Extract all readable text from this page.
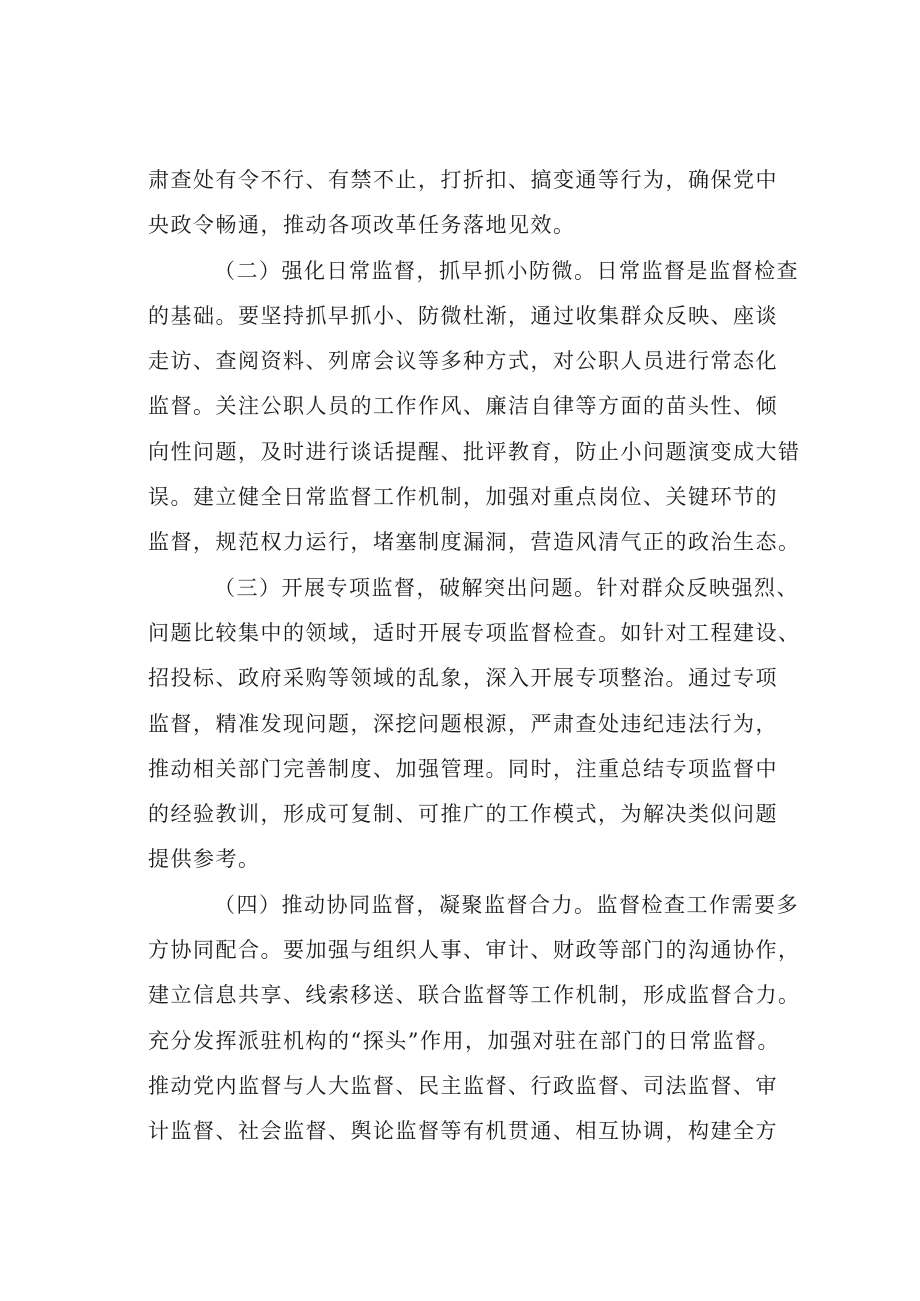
肃查处有令不行、有禁不止，打折扣、搞变通等行为，确保党中
央政令畅通，推动各项改革任务落地见效。
（二）强化日常监督，抓早抓小防微。日常监督是监督检查
的基础。要坚持抓早抓小、防微杜渐，通过收集群众反映、座谈
走访、查阅资料、列席会议等多种方式，对公职人员进行常态化
监督。关注公职人员的工作作风、廉洁自律等方面的苗头性、倾
向性问题，及时进行谈话提醒、批评教育，防止小问题演变成大错
误。建立健全日常监督工作机制，加强对重点岗位、关键环节的
监督，规范权力运行，堵塞制度漏洞，营造风清气正的政治生态。
（三）开展专项监督，破解突出问题。针对群众反映强烈、
问题比较集中的领域，适时开展专项监督检查。如针对工程建设、
招投标、政府采购等领域的乱象，深入开展专项整治。通过专项
监督，精准发现问题，深挖问题根源，严肃查处违纪违法行为，
推动相关部门完善制度、加强管理。同时，注重总结专项监督中
的经验教训，形成可复制、可推广的工作模式，为解决类似问题
提供参考。
（四）推动协同监督，凝聚监督合力。监督检查工作需要多
方协同配合。要加强与组织人事、审计、财政等部门的沟通协作，
建立信息共享、线索移送、联合监督等工作机制，形成监督合力。
充分发挥派驻机构的“探头”作用，加强对驻在部门的日常监督。
推动党内监督与人大监督、民主监督、行政监督、司法监督、审
计监督、社会监督、舆论监督等有机贯通、相互协调，构建全方
